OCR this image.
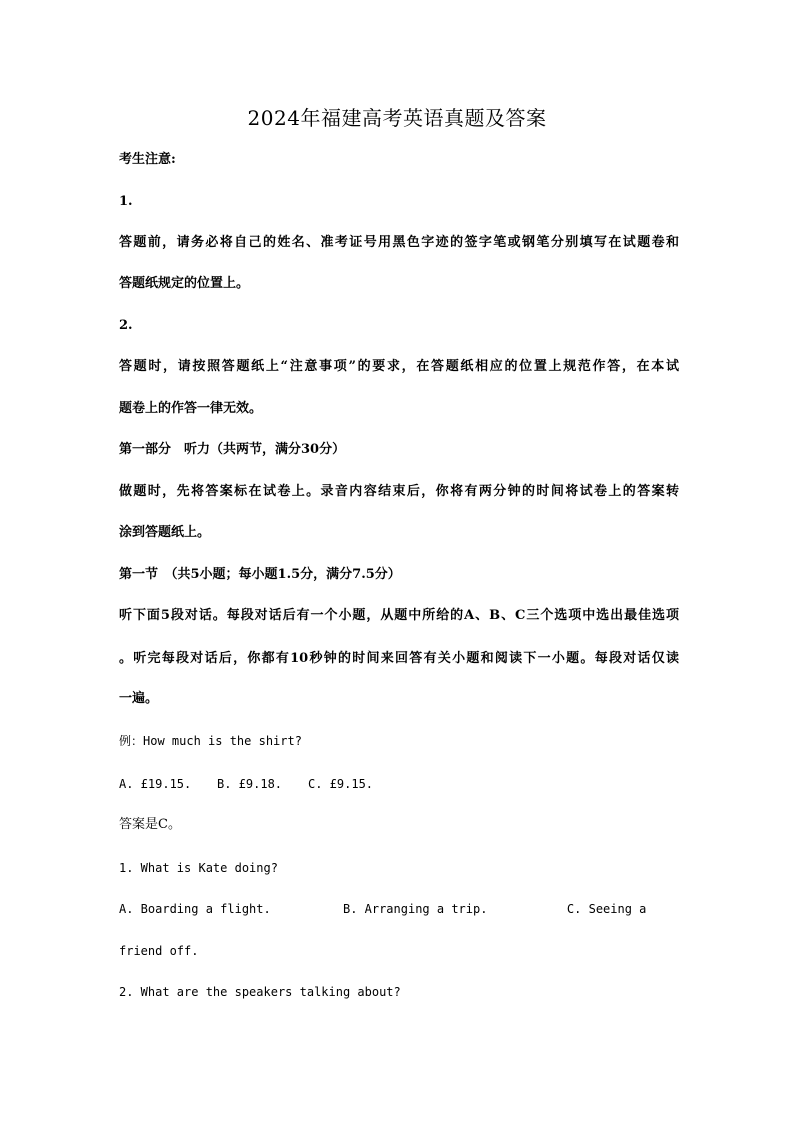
2024年福建高考英语真题及答案
考生注意:
1.
答题前，请务必将自己的姓名、准考证号用黑色字迹的签字笔或钢笔分别填写在试题卷和
答题纸规定的位置上。
2.
答题时，请按照答题纸上“注意事项”的要求，在答题纸相应的位置上规范作答，在本试
题卷上的作答一律无效。
第一部分　听力（共两节，满分30分）
做题时，先将答案标在试卷上。录音内容结束后，你将有两分钟的时间将试卷上的答案转
涂到答题纸上。
第一节　（共5小题；每小题1.5分，满分7.5分）
听下面5段对话。每段对话后有一个小题，从题中所给的A、B、C三个选项中选出最佳选项
。听完每段对话后，你都有10秒钟的时间来回答有关小题和阅读下一小题。每段对话仅读
一遍。
例：How much is the shirt?
A. £19.15. B. £9.18. C. £9.15.
答案是C。
1. What is Kate doing?
A. Boarding a flight.          B. Arranging a trip.           C. Seeing a
friend off.
2. What are the speakers talking about?
